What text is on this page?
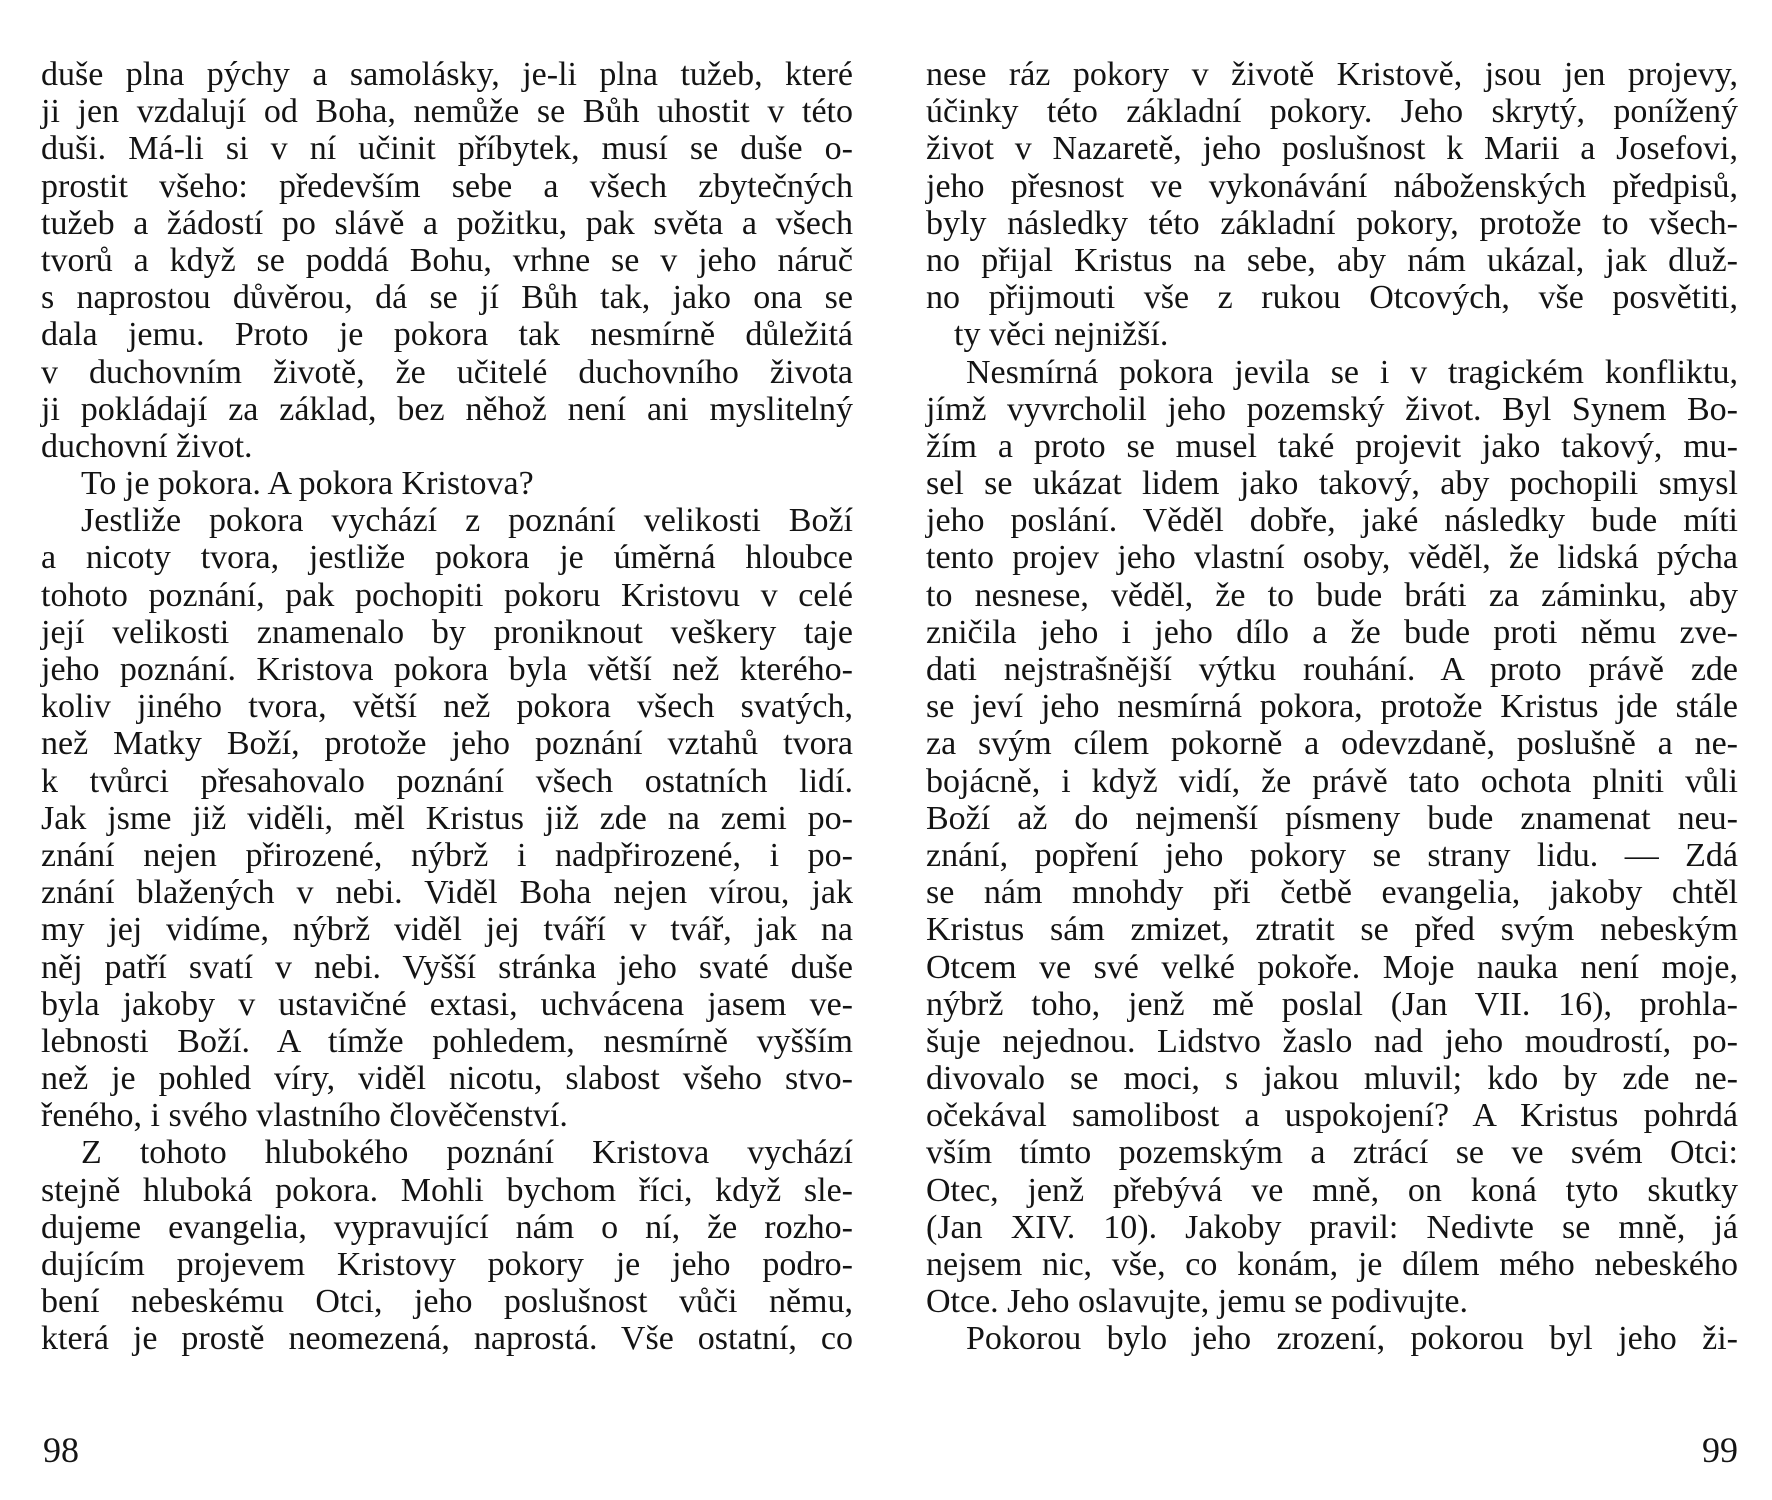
duše plna pýchy a samolásky, je-li plna tužeb, které
ji jen vzdalují od Boha, nemůže se Bůh uhostit v této
duši. Má-li si v ní učinit příbytek, musí se duše o-
prostit všeho: především sebe a všech zbytečných
tužeb a žádostí po slávě a požitku, pak světa a všech
tvorů a když se poddá Bohu, vrhne se v jeho náruč
s naprostou důvěrou, dá se jí Bůh tak, jako ona se
dala jemu. Proto je pokora tak nesmírně důležitá
v duchovním životě, že učitelé duchovního života
ji pokládají za základ, bez něhož není ani myslitelný
duchovní život.
To je pokora. A pokora Kristova?
Jestliže pokora vychází z poznání velikosti Boží
a nicoty tvora, jestliže pokora je úměrná hloubce
tohoto poznání, pak pochopiti pokoru Kristovu v celé
její velikosti znamenalo by proniknout veškery taje
jeho poznání. Kristova pokora byla větší než kterého-
koliv jiného tvora, větší než pokora všech svatých,
než Matky Boží, protože jeho poznání vztahů tvora
k tvůrci přesahovalo poznání všech ostatních lidí.
Jak jsme již viděli, měl Kristus již zde na zemi po-
znání nejen přirozené, nýbrž i nadpřirozené, i po-
znání blažených v nebi. Viděl Boha nejen vírou, jak
my jej vidíme, nýbrž viděl jej tváří v tvář, jak na
něj patří svatí v nebi. Vyšší stránka jeho svaté duše
byla jakoby v ustavičné extasi, uchvácena jasem ve-
lebnosti Boží. A tímže pohledem, nesmírně vyšším
než je pohled víry, viděl nicotu, slabost všeho stvo-
řeného, i svého vlastního člověčenství.
Z tohoto hlubokého poznání Kristova vychází
stejně hluboká pokora. Mohli bychom říci, když sle-
dujeme evangelia, vypravující nám o ní, že rozho-
dujícím projevem Kristovy pokory je jeho podro-
bení nebeskému Otci, jeho poslušnost vůči němu,
která je prostě neomezená, naprostá. Vše ostatní, co
98
nese ráz pokory v životě Kristově, jsou jen projevy,
účinky této základní pokory. Jeho skrytý, ponížený
život v Nazaretě, jeho poslušnost k Marii a Josefovi,
jeho přesnost ve vykonávání náboženských předpisů,
byly následky této základní pokory, protože to všech-
no přijal Kristus na sebe, aby nám ukázal, jak dluž-
no přijmouti vše z rukou Otcových, vše posvětiti,
ty věci nejnižší.
Nesmírná pokora jevila se i v tragickém konfliktu,
jímž vyvrcholil jeho pozemský život. Byl Synem Bo-
žím a proto se musel také projevit jako takový, mu-
sel se ukázat lidem jako takový, aby pochopili smysl
jeho poslání. Věděl dobře, jaké následky bude míti
tento projev jeho vlastní osoby, věděl, že lidská pýcha
to nesnese, věděl, že to bude bráti za záminku, aby
zničila jeho i jeho dílo a že bude proti němu zve-
dati nejstrašnější výtku rouhání. A proto právě zde
se jeví jeho nesmírná pokora, protože Kristus jde stále
za svým cílem pokorně a odevzdaně, poslušně a ne-
bojácně, i když vidí, že právě tato ochota plniti vůli
Boží až do nejmenší písmeny bude znamenat neu-
znání, popření jeho pokory se strany lidu. — Zdá
se nám mnohdy při četbě evangelia, jakoby chtěl
Kristus sám zmizet, ztratit se před svým nebeským
Otcem ve své velké pokoře. Moje nauka není moje,
nýbrž toho, jenž mě poslal (Jan VII. 16), prohla-
šuje nejednou. Lidstvo žaslo nad jeho moudrostí, po-
divovalo se moci, s jakou mluvil; kdo by zde ne-
očekával samolibost a uspokojení? A Kristus pohrdá
vším tímto pozemským a ztrácí se ve svém Otci:
Otec, jenž přebývá ve mně, on koná tyto skutky
(Jan XIV. 10). Jakoby pravil: Nedivte se mně, já
nejsem nic, vše, co konám, je dílem mého nebeského
Otce. Jeho oslavujte, jemu se podivujte.
Pokorou bylo jeho zrození, pokorou byl jeho ži-
99
